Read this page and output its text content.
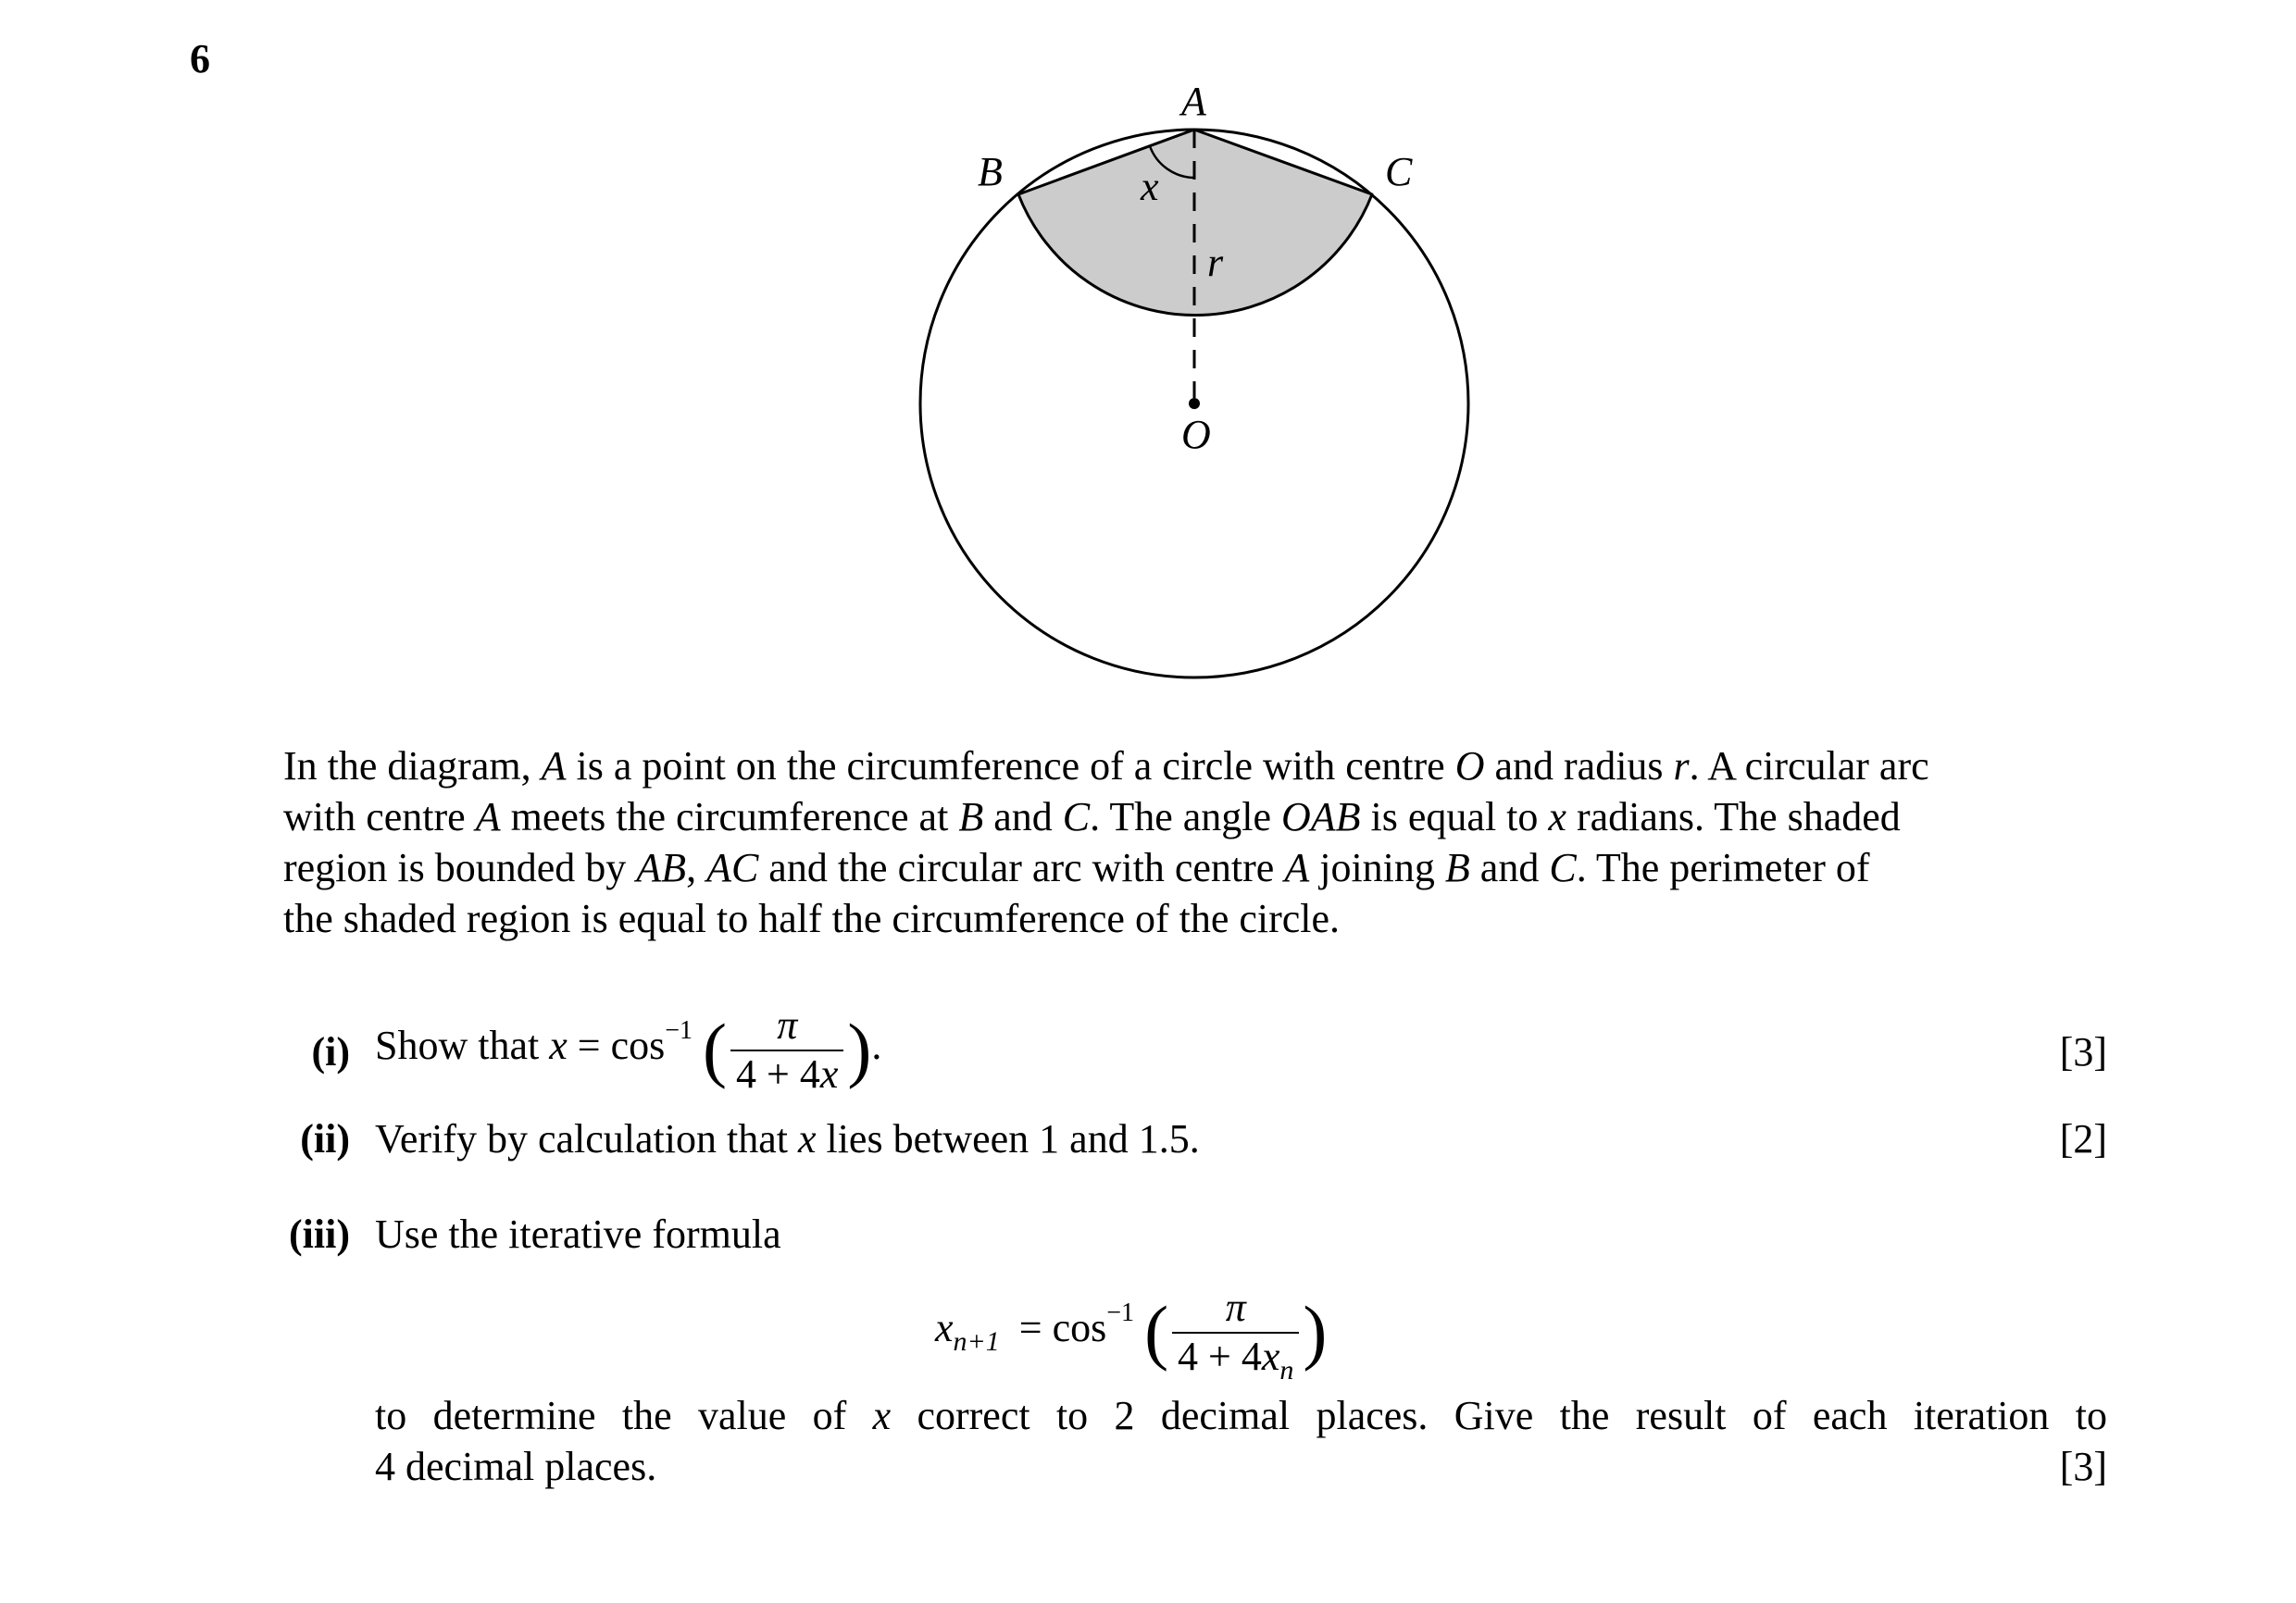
6
A
B	C
O
x
r

In the diagram, A is a point on the circumference of a circle with centre O and radius r. A circular arc

with centre A meets the circumference at B and C. The angle OAB is equal to x radians. The shaded

region is bounded by AB, AC and the circular arc with centre A joining B and C. The perimeter of

the shaded region is equal to half the circumference of the circle.

(i) Show that $x = \cos^{-1}$ ( $\frac{\pi}{4 + 4x}$ ).	[3]
(ii) Verify by calculation that x lies between 1 and 1.5.	[2]
(iii) Use the iterative formula
$x_{n+1} = \cos^{-1}$ ( $\frac{\pi}{4 + 4x_n}$ )
to determine the value of x correct to 2 decimal places. Give the result of each iteration to
4 decimal places.	[3]
